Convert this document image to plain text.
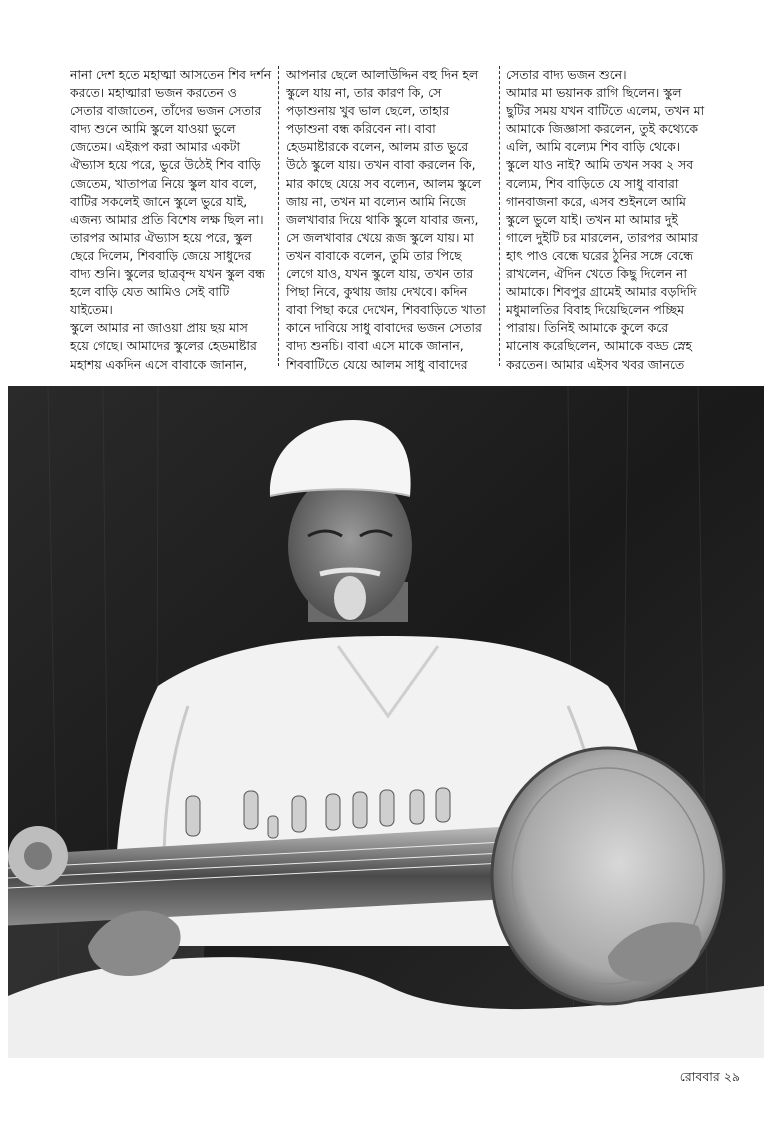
নানা দেশ হতে মহাত্মা আসতেন শিব দর্শন
করতে। মহাত্মারা ভজন করতেন ও
সেতার বাজাতেন, তাঁদের ভজন সেতার
বাদ্য শুনে আমি স্কুলে যাওয়া ভুলে
জেতেম। এইরূপ করা আমার একটা
ঐভ্যাস হয়ে পরে, ভুরে উঠেই শিব বাড়ি
জেতেম, খাতাপত্র নিয়ে স্কুল যাব বলে,
বাটির সকলেই জানে স্কুলে ভুরে যাই,
এজন্য আমার প্রতি বিশেষ লক্ষ ছিল না।
তারপর আমার ঐভ্যাস হয়ে পরে, স্কুল
ছেরে দিলেম, শিববাড়ি জেয়ে সাধুদের
বাদ্য শুনি। স্কুলের ছাত্রবৃন্দ যখন স্কুল বন্ধ
হলে বাড়ি যেত আমিও সেই বাটি
যাইতেম।
স্কুলে আমার না জাওয়া প্রায় ছয় মাস
হয়ে গেছে। আমাদের স্কুলের হেডমাষ্টার
মহাশয় একদিন এসে বাবাকে জানান,

আপনার ছেলে আলাউদ্দিন বহু দিন হল
স্কুলে যায় না, তার কারণ কি, সে
পড়াশুনায় খুব ভাল ছেলে, তাহার
পড়াশুনা বন্ধ করিবেন না। বাবা
হেডমাষ্টারকে বলেন, আলম রাত ভুরে
উঠে স্কুলে যায়। তখন বাবা করলেন কি,
মার কাছে যেয়ে সব বল্যেন, আলম স্কুলে
জায় না, তখন মা বল্যেন আমি নিজে
জলখাবার দিয়ে থাকি স্কুলে যাবার জন্য,
সে জলখাবার খেয়ে রূজ স্কুলে যায়। মা
তখন বাবাকে বলেন, তুমি তার পিছে
লেগে যাও, যখন স্কুলে যায়, তখন তার
পিছা নিবে, কুথায় জায় দেখবে। কদিন
বাবা পিছা করে দেখেন, শিববাড়িতে খাতা
কানে দাবিয়ে সাধু বাবাদের ভজন সেতার
বাদ্য শুনচি। বাবা এসে মাকে জানান,
শিববাটিতে যেয়ে আলম সাধু বাবাদের

সেতার বাদ্য ভজন শুনে।
আমার মা ভয়ানক রাগি ছিলেন। স্কুল
ছুটির সময় যখন বাটিতে এলেম, তখন মা
আমাকে জিজ্ঞাসা করলেন, তুই কথ্যেকে
এলি, আমি বল্যেম শিব বাড়ি থেকে।
স্কুলে যাও নাই? আমি তখন সব্ব ২ সব
বল্যেম, শিব বাড়িতে যে সাধু বাবারা
গানবাজনা করে, এসব শুইনলে আমি
স্কুলে ভুলে যাই। তখন মা আমার দুই
গালে দুইটি চর মারলেন, তারপর আমার
হাৎ পাও বেন্ধে ঘরের ঠুনির সঙ্গে বেন্ধে
রাখলেন, ঐদিন খেতে কিছু দিলেন না
আমাকে। শিবপুর গ্রামেই আমার বড়দিদি
মধুমালতির বিবাহ দিয়েছিলেন পচ্ছিম
পারায়। তিনিই আমাকে কুলে করে
মানোষ করেছিলেন, আমাকে বড্ড স্নেহ
করতেন। আমার এইসব খবর জানতে

রোববার ২৯
